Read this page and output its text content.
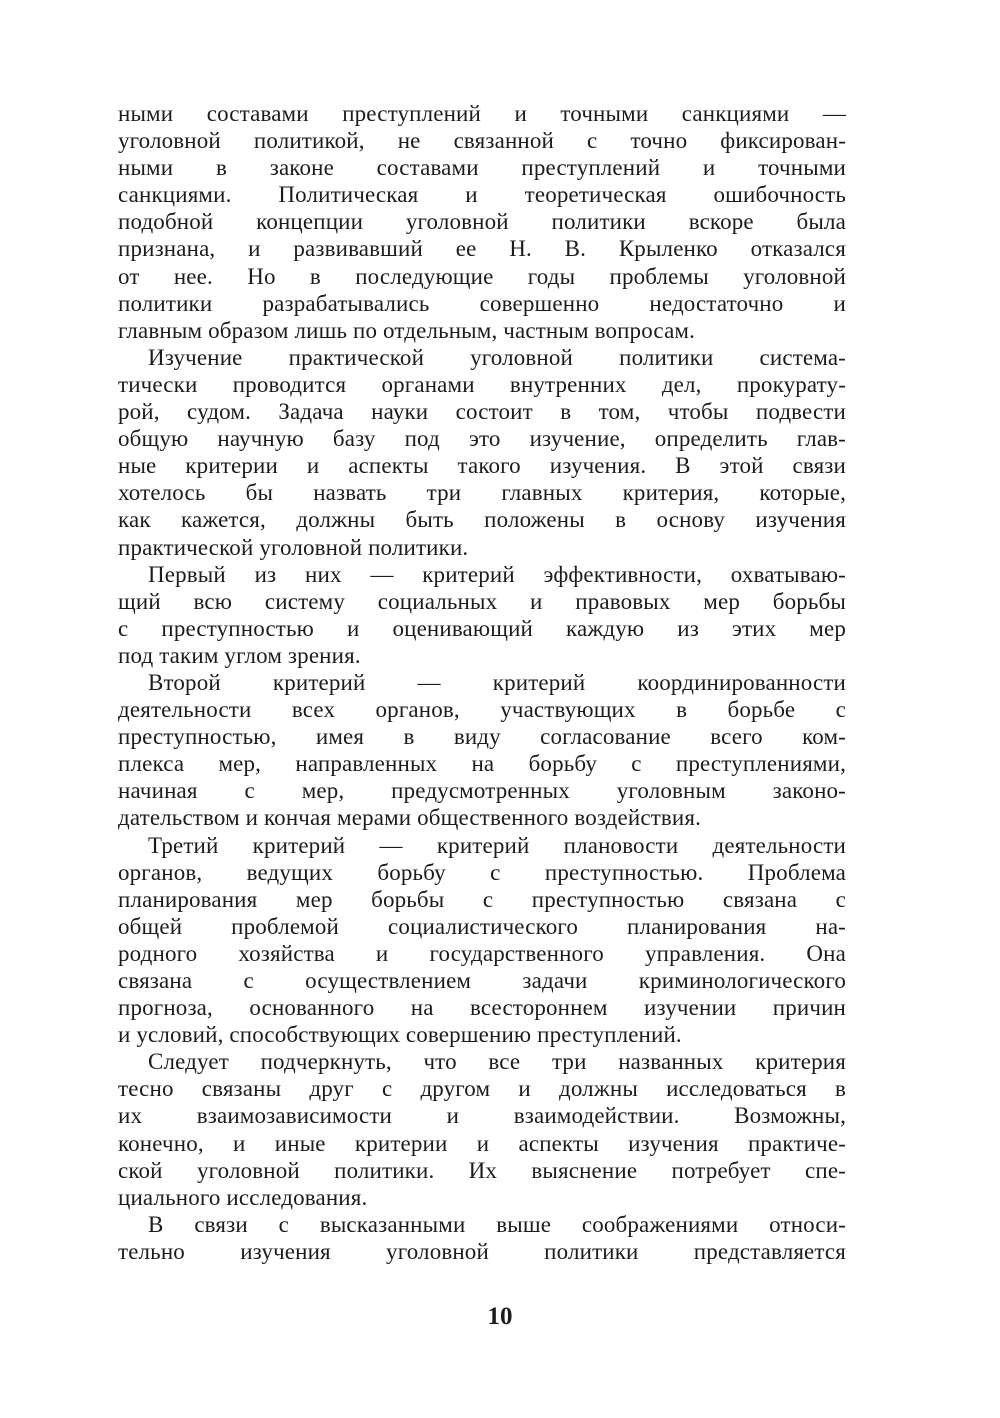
ными составами преступлений и точными санкциями —
уголовной политикой, не связанной с точно фиксирован-
ными в законе составами преступлений и точными
санкциями. Политическая и теоретическая ошибочность
подобной концепции уголовной политики вскоре была
признана, и развивавший ее Н. В. Крыленко отказался
от нее. Но в последующие годы проблемы уголовной
политики разрабатывались совершенно недостаточно и
главным образом лишь по отдельным, частным вопросам.
Изучение практической уголовной политики система-
тически проводится органами внутренних дел, прокурату-
рой, судом. Задача науки состоит в том, чтобы подвести
общую научную базу под это изучение, определить глав-
ные критерии и аспекты такого изучения. В этой связи
хотелось бы назвать три главных критерия, которые,
как кажется, должны быть положены в основу изучения
практической уголовной политики.
Первый из них — критерий эффективности, охватываю-
щий всю систему социальных и правовых мер борьбы
с преступностью и оценивающий каждую из этих мер
под таким углом зрения.
Второй критерий — критерий координированности
деятельности всех органов, участвующих в борьбе с
преступностью, имея в виду согласование всего ком-
плекса мер, направленных на борьбу с преступлениями,
начиная с мер, предусмотренных уголовным законо-
дательством и кончая мерами общественного воздействия.
Третий критерий — критерий плановости деятельности
органов, ведущих борьбу с преступностью. Проблема
планирования мер борьбы с преступностью связана с
общей проблемой социалистического планирования на-
родного хозяйства и государственного управления. Она
связана с осуществлением задачи криминологического
прогноза, основанного на всестороннем изучении причин
и условий, способствующих совершению преступлений.
Следует подчеркнуть, что все три названных критерия
тесно связаны друг с другом и должны исследоваться в
их взаимозависимости и взаимодействии. Возможны,
конечно, и иные критерии и аспекты изучения практиче-
ской уголовной политики. Их выяснение потребует спе-
циального исследования.
В связи с высказанными выше соображениями относи-
тельно изучения уголовной политики представляется
10
